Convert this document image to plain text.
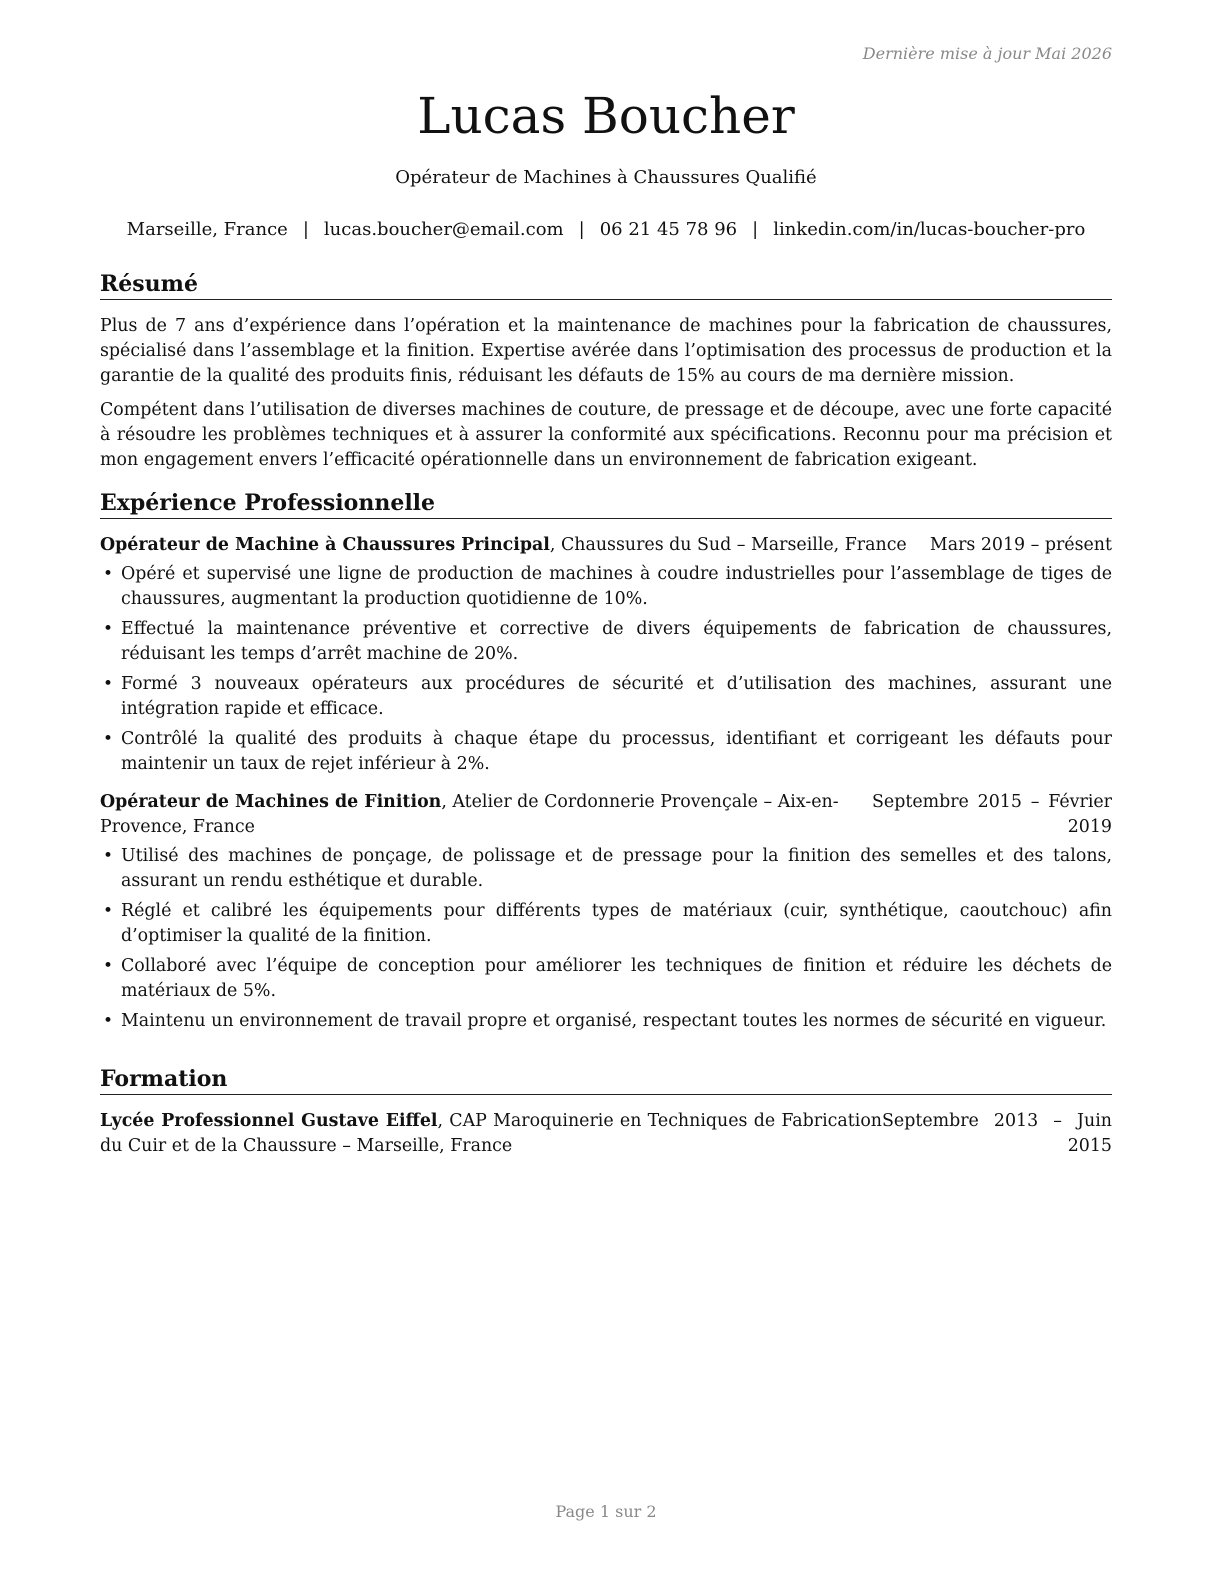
Dernière mise à jour Mai 2026
Lucas Boucher
Opérateur de Machines à Chaussures Qualifié
Marseille, France | lucas.boucher@email.com | 06 21 45 78 96 | linkedin.com/in/lucas-boucher-pro
Résumé

Plus de 7 ans d’expérience dans l’opération et la maintenance de machines pour la fabrication de chaussures, spécialisé dans l’assemblage et la finition. Expertise avérée dans l’optimisation des processus de production et la garantie de la qualité des produits finis, réduisant les défauts de 15% au cours de ma dernière mission.

Compétent dans l’utilisation de diverses machines de couture, de pressage et de découpe, avec une forte capacité à résoudre les problèmes techniques et à assurer la conformité aux spécifications. Reconnu pour ma précision et mon engagement envers l’efficacité opérationnelle dans un environnement de fabrication exigeant.

Expérience Professionnelle
Opérateur de Machine à Chaussures Principal, Chaussures du Sud – Marseille, France	Mars 2019 – présent
• Opéré et supervisé une ligne de production de machines à coudre industrielles pour l’assemblage de tiges de chaussures, augmentant la production quotidienne de 10%.
• Effectué la maintenance préventive et corrective de divers équipements de fabrication de chaussures, réduisant les temps d’arrêt machine de 20%.
• Formé 3 nouveaux opérateurs aux procédures de sécurité et d’utilisation des machines, assurant une intégration rapide et efficace.
• Contrôlé la qualité des produits à chaque étape du processus, identifiant et corrigeant les défauts pour maintenir un taux de rejet inférieur à 2%.
Opérateur de Machines de Finition, Atelier de Cordonnerie Provençale – Aix-en-Provence, France
Septembre 2015 – Février 2019
• Utilisé des machines de ponçage, de polissage et de pressage pour la finition des semelles et des talons, assurant un rendu esthétique et durable.
• Réglé et calibré les équipements pour différents types de matériaux (cuir, synthétique, caoutchouc) afin d’optimiser la qualité de la finition.
• Collaboré avec l’équipe de conception pour améliorer les techniques de finition et réduire les déchets de matériaux de 5%.
• Maintenu un environnement de travail propre et organisé, respectant toutes les normes de sécurité en vigueur.
Formation
Lycée Professionnel Gustave Eiffel, CAP Maroquinerie en Techniques de Fabrication du Cuir et de la Chaussure – Marseille, France
Septembre 2013 – Juin 2015
Page 1 sur 2
